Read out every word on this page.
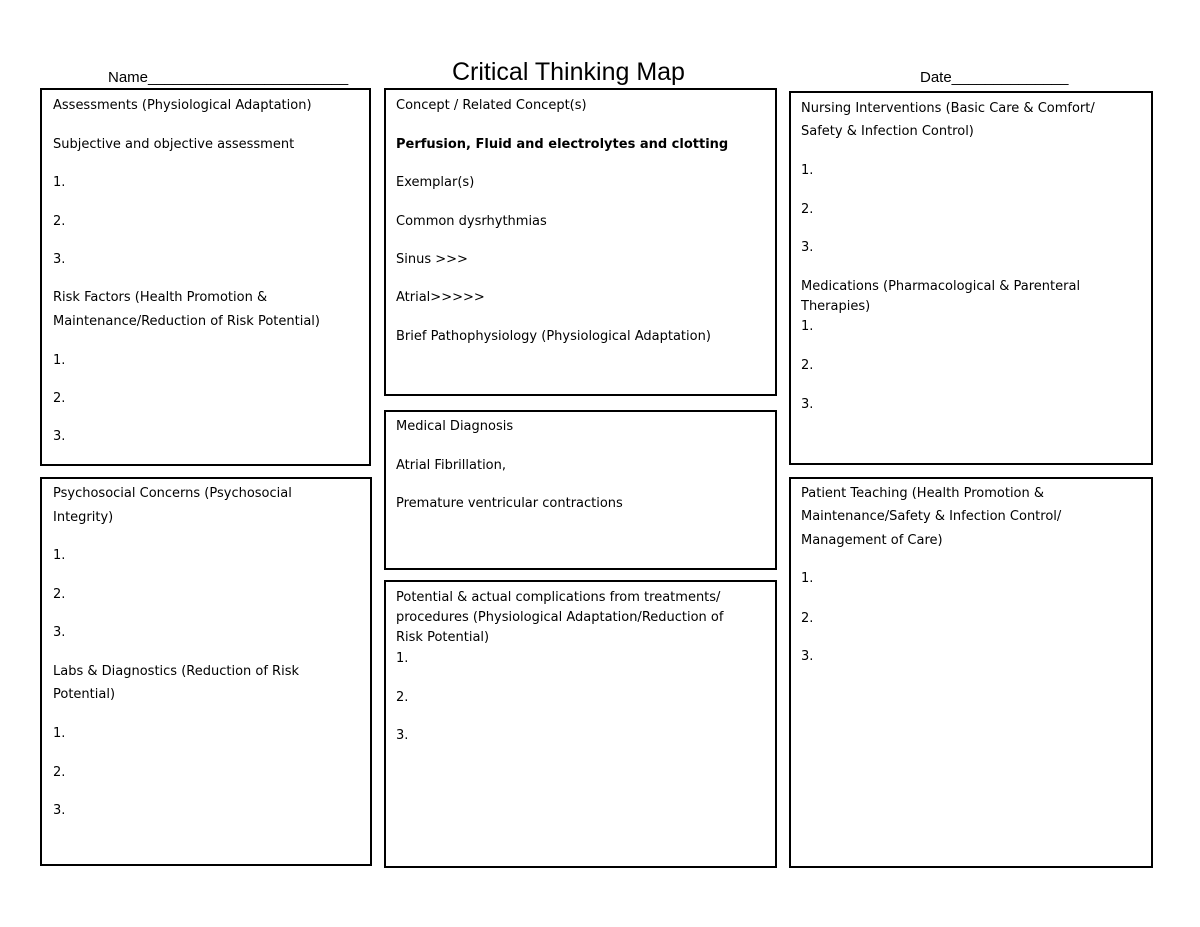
Name________________________	Critical Thinking Map	Date______________
Assessments (Physiological Adaptation)
Subjective and objective assessment
1.
2.
3.
Risk Factors (Health Promotion &
Maintenance/Reduction of Risk Potential)
1.
2.
3.
Psychosocial Concerns (Psychosocial
Integrity)
1.
2.
3.
Labs & Diagnostics (Reduction of Risk
Potential)
1.
2.
3.
Concept / Related Concept(s)
Perfusion, Fluid and electrolytes and clotting
Exemplar(s)
Common dysrhythmias
Sinus >>>
Atrial>>>>>
Brief Pathophysiology (Physiological Adaptation)
Medical Diagnosis
Atrial Fibrillation,
Premature ventricular contractions
Potential & actual complications from treatments/
procedures (Physiological Adaptation/Reduction of
Risk Potential)
1.
2.
3.
Nursing Interventions (Basic Care & Comfort/
Safety & Infection Control)
1.
2.
3.
Medications (Pharmacological & Parenteral
Therapies)
1.
2.
3.
Patient Teaching (Health Promotion &
Maintenance/Safety & Infection Control/
Management of Care)
1.
2.
3.
